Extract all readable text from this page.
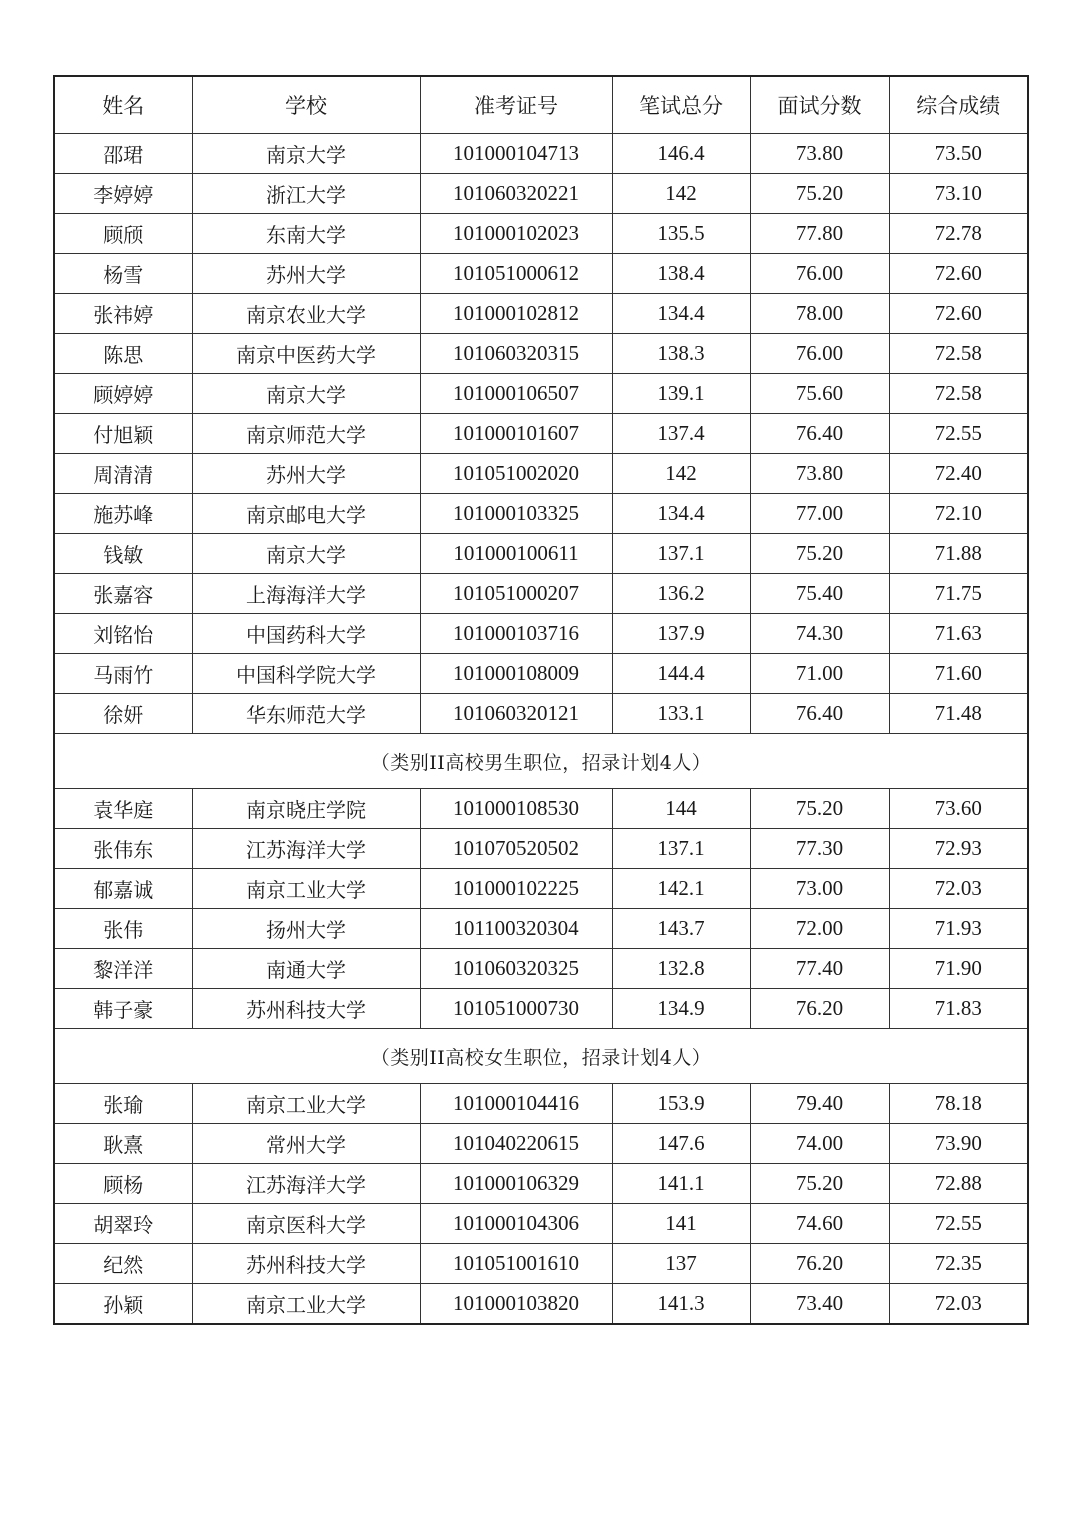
姓名	学校	准考证号	笔试总分	面试分数	综合成绩
邵珺	南京大学	101000104713	146.4	73.80	73.50
李婷婷	浙江大学	101060320221	142	75.20	73.10
顾颀	东南大学	101000102023	135.5	77.80	72.78
杨雪	苏州大学	101051000612	138.4	76.00	72.60
张祎婷	南京农业大学	101000102812	134.4	78.00	72.60
陈思	南京中医药大学	101060320315	138.3	76.00	72.58
顾婷婷	南京大学	101000106507	139.1	75.60	72.58
付旭颖	南京师范大学	101000101607	137.4	76.40	72.55
周清清	苏州大学	101051002020	142	73.80	72.40
施苏峰	南京邮电大学	101000103325	134.4	77.00	72.10
钱敏	南京大学	101000100611	137.1	75.20	71.88
张嘉容	上海海洋大学	101051000207	136.2	75.40	71.75
刘铭怡	中国药科大学	101000103716	137.9	74.30	71.63
马雨竹	中国科学院大学	101000108009	144.4	71.00	71.60
徐妍	华东师范大学	101060320121	133.1	76.40	71.48
（类别II高校男生职位，招录计划4人）					
袁华庭	南京晓庄学院	101000108530	144	75.20	73.60
张伟东	江苏海洋大学	101070520502	137.1	77.30	72.93
郁嘉诚	南京工业大学	101000102225	142.1	73.00	72.03
张伟	扬州大学	101100320304	143.7	72.00	71.93
黎洋洋	南通大学	101060320325	132.8	77.40	71.90
韩子豪	苏州科技大学	101051000730	134.9	76.20	71.83
（类别II高校女生职位，招录计划4人）					
张瑜	南京工业大学	101000104416	153.9	79.40	78.18
耿熹	常州大学	101040220615	147.6	74.00	73.90
顾杨	江苏海洋大学	101000106329	141.1	75.20	72.88
胡翠玲	南京医科大学	101000104306	141	74.60	72.55
纪然	苏州科技大学	101051001610	137	76.20	72.35
孙颖	南京工业大学	101000103820	141.3	73.40	72.03
